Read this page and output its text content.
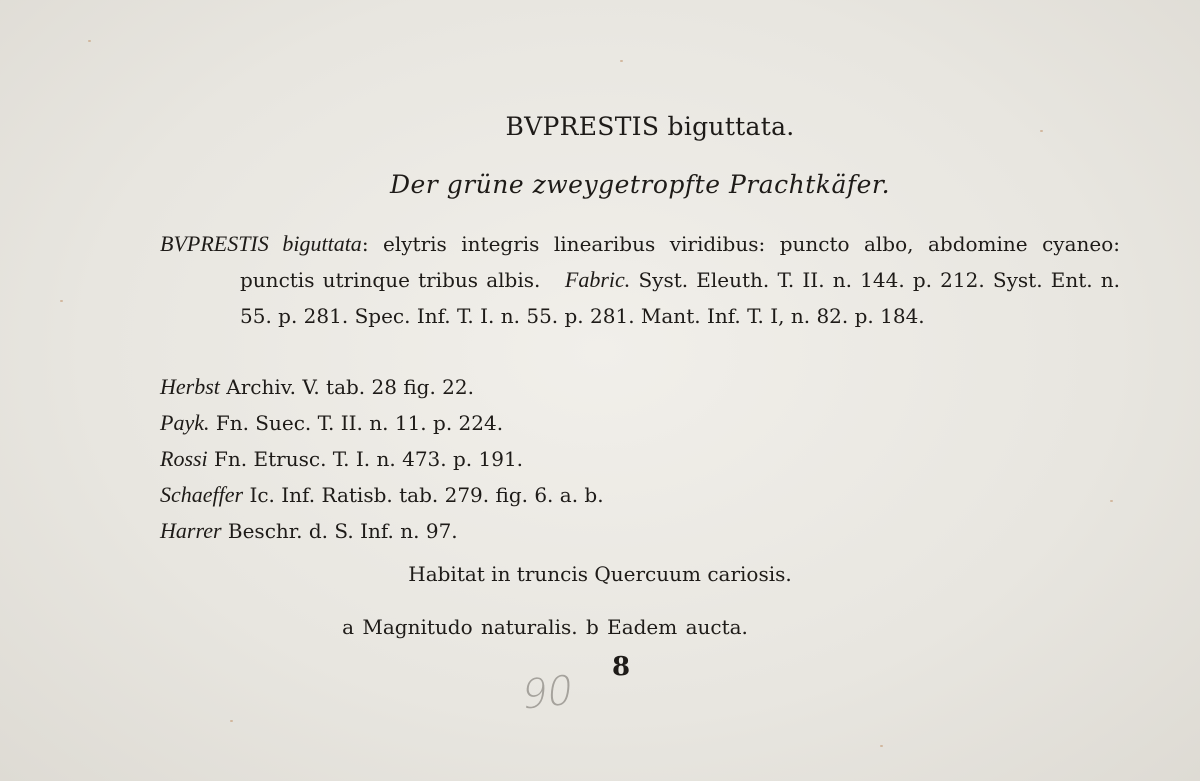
BVPRESTIS biguttata.
Der grüne zweygetropfte Prachtkäfer.

BVPRESTIS biguttata: elytris integris linearibus viridibus: puncto albo, abdomine cyaneo: punctis utrinque tribus albis. Fabric. Syst. Eleuth. T. II. n. 144. p. 212. Syst. Ent. n. 55. p. 281. Spec. Inf. T. I. n. 55. p. 281. Mant. Inf. T. I, n. 82. p. 184.

Herbst Archiv. V. tab. 28 fig. 22.
Payk. Fn. Suec. T. II. n. 11. p. 224.
Rossi Fn. Etrusc. T. I. n. 473. p. 191.
Schaeffer Ic. Inf. Ratisb. tab. 279. fig. 6. a. b.
Harrer Beschr. d. S. Inf. n. 97.
Habitat in truncis Quercuum cariosis.
a Magnitudo naturalis. b Eadem aucta.
8
90
